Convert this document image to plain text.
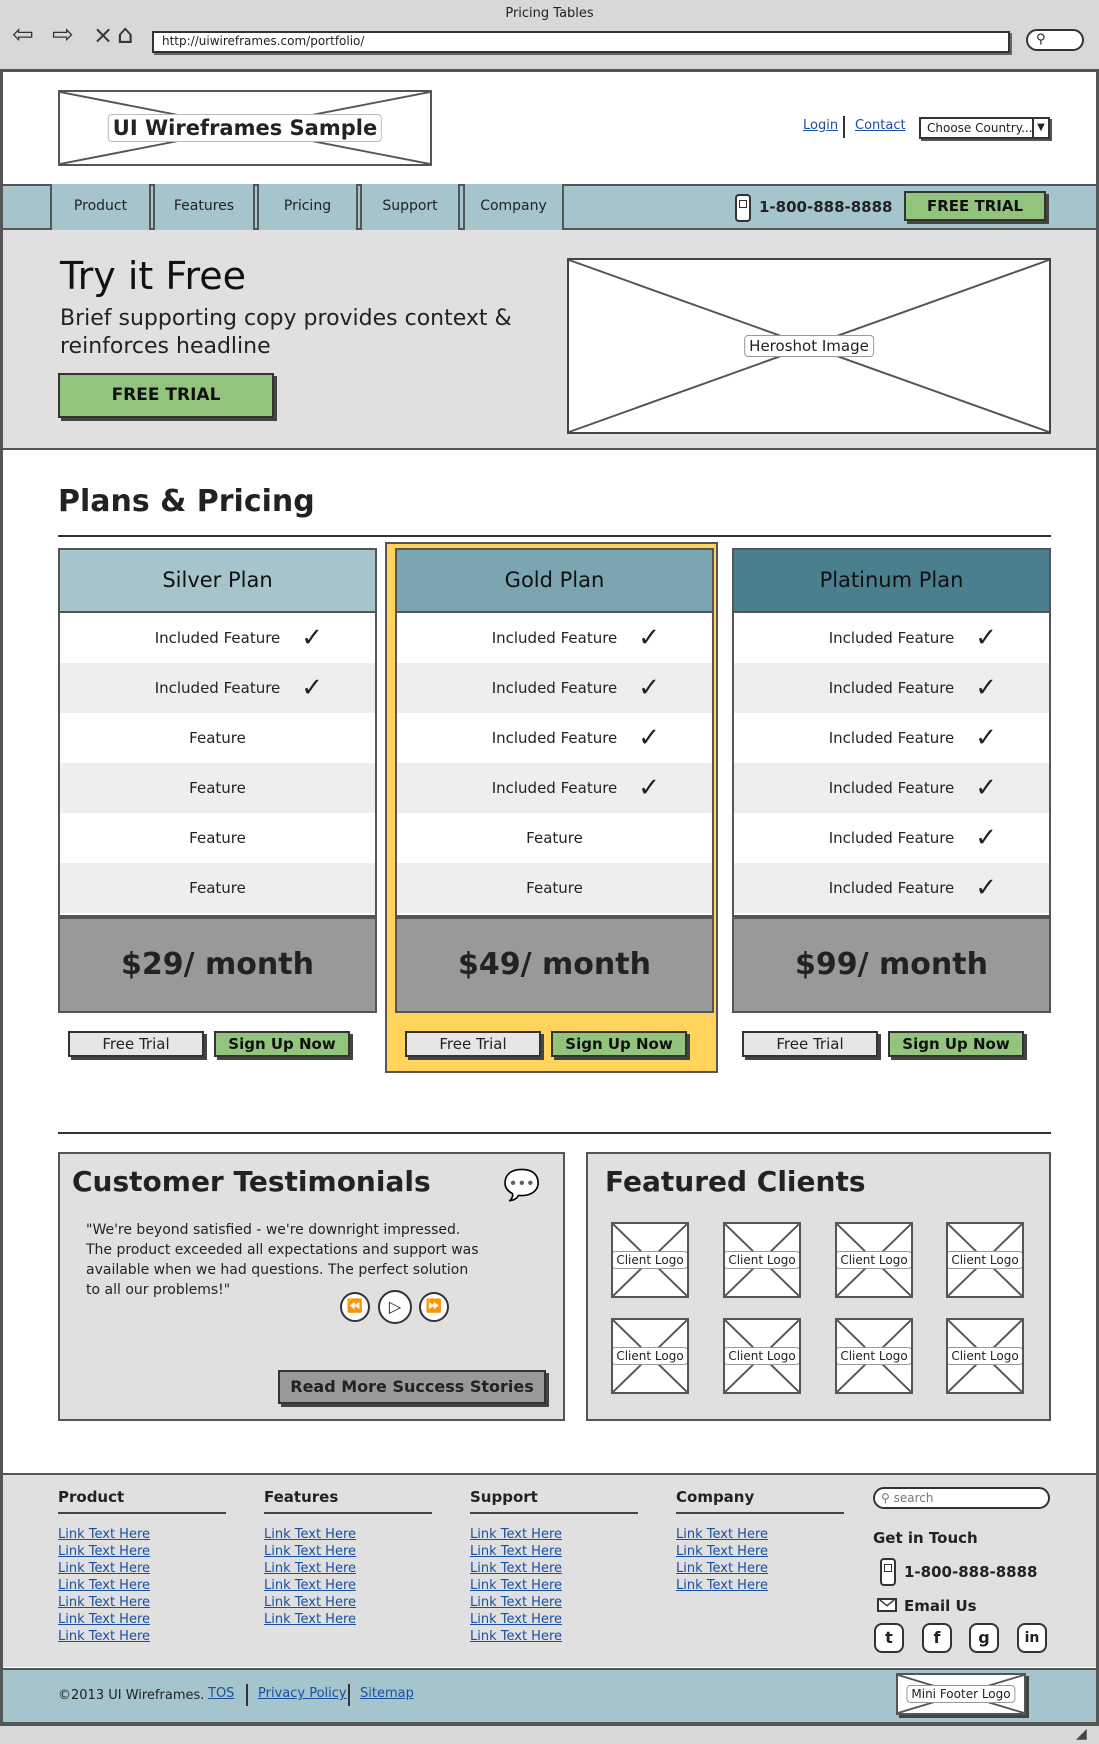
Pricing Tables
⇦ ⇨ × ⌂	http://uiwireframes.com/portfolio/	⚲
UI Wireframes Sample	Login Contact	Choose Country... ▼
Product	Features	Pricing	Support	Company	1-800-888-8888	FREE TRIAL
Try it Free
Brief supporting copy provides context & reinforces headline
FREE TRIAL
Heroshot Image
Plans & Pricing
Silver Plan
Included Feature ✓
Included Feature ✓
Feature
Feature
Feature
Feature
$29/ month
Free Trial	Sign Up Now
Gold Plan
Included Feature ✓
Included Feature ✓
Included Feature ✓
Included Feature ✓
Feature
Feature
$49/ month
Free Trial	Sign Up Now
Platinum Plan
Included Feature ✓
Included Feature ✓
Included Feature ✓
Included Feature ✓
Included Feature ✓
Included Feature ✓
$99/ month
Free Trial	Sign Up Now
Customer Testimonials 💬
"We're beyond satisfied - we're downright impressed. The product exceeded all expectations and support was available when we had questions. The perfect solution to all our problems!"
⏪	▷	⏩
Read More Success Stories
Featured Clients
Client Logo	Client Logo	Client Logo	Client Logo
Client Logo	Client Logo	Client Logo	Client Logo
Product
Link Text Here
Link Text Here
Link Text Here
Link Text Here
Link Text Here
Link Text Here
Link Text Here
Features
Link Text Here
Link Text Here
Link Text Here
Link Text Here
Link Text Here
Link Text Here
Support
Link Text Here
Link Text Here
Link Text Here
Link Text Here
Link Text Here
Link Text Here
Link Text Here
Company
Link Text Here
Link Text Here
Link Text Here
Link Text Here
⚲ search
Get in Touch
1-800-888-8888
Email Us
t	f	g	in
©2013 UI Wireframes. TOS Privacy Policy Sitemap	Mini Footer Logo
◢
